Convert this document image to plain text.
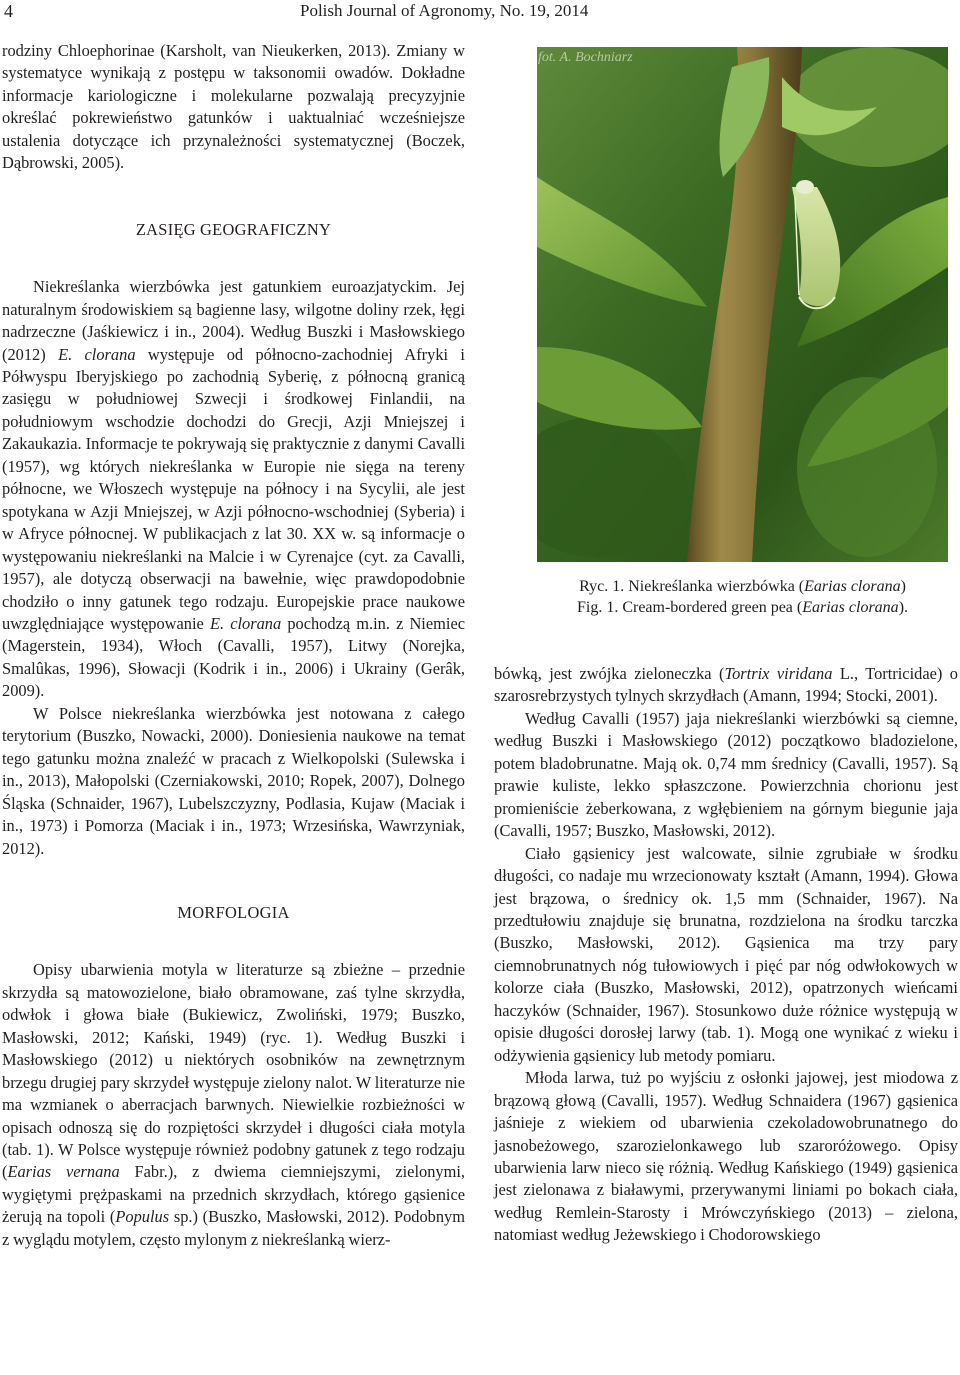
4	Polish Journal of Agronomy, No. 19, 2014

rodziny Chloephorinae (Karsholt, van Nieukerken, 2013). Zmiany w systematyce wynikają z postępu w taksonomii owadów. Dokładne informacje kariologiczne i molekularne pozwalają precyzyjnie określać pokrewieństwo gatunków i uaktualniać wcześniejsze ustalenia dotyczące ich przynależności systematycznej (Boczek, Dąbrowski, 2005).

ZASIĘG GEOGRAFICZNY

Niekreślanka wierzbówka jest gatunkiem euroazjatyckim. Jej naturalnym środowiskiem są bagienne lasy, wilgotne doliny rzek, łęgi nadrzeczne (Jaśkiewicz i in., 2004). Według Buszki i Masłowskiego (2012) E. clorana występuje od północno-zachodniej Afryki i Półwyspu Iberyjskiego po zachodnią Syberię, z północną granicą zasięgu w południowej Szwecji i środkowej Finlandii, na południowym wschodzie dochodzi do Grecji, Azji Mniejszej i Zakaukazia. Informacje te pokrywają się praktycznie z danymi Cavalli (1957), wg których niekreślanka w Europie nie sięga na tereny północne, we Włoszech występuje na północy i na Sycylii, ale jest spotykana w Azji Mniejszej, w Azji północno-wschodniej (Syberia) i w Afryce północnej. W publikacjach z lat 30. XX w. są informacje o występowaniu niekreślanki na Malcie i w Cyrenajce (cyt. za Cavalli, 1957), ale dotyczą obserwacji na bawełnie, więc prawdopodobnie chodziło o inny gatunek tego rodzaju. Europejskie prace naukowe uwzględniające występowanie E. clorana pochodzą m.in. z Niemiec (Magerstein, 1934), Włoch (Cavalli, 1957), Litwy (Norejka, Smalûkas, 1996), Słowacji (Kodrik i in., 2006) i Ukrainy (Gerâk, 2009).

W Polsce niekreślanka wierzbówka jest notowana z całego terytorium (Buszko, Nowacki, 2000). Doniesienia naukowe na temat tego gatunku można znaleźć w pracach z Wielkopolski (Sulewska i in., 2013), Małopolski (Czerniakowski, 2010; Ropek, 2007), Dolnego Śląska (Schnaider, 1967), Lubelszczyzny, Podlasia, Kujaw (Maciak i in., 1973) i Pomorza (Maciak i in., 1973; Wrzesińska, Wawrzyniak, 2012).

MORFOLOGIA

Opisy ubarwienia motyla w literaturze są zbieżne – przednie skrzydła są matowozielone, biało obramowane, zaś tylne skrzydła, odwłok i głowa białe (Bukiewicz, Zwoliński, 1979; Buszko, Masłowski, 2012; Kański, 1949) (ryc. 1). Według Buszki i Masłowskiego (2012) u niektórych osobników na zewnętrznym brzegu drugiej pary skrzydeł występuje zielony nalot. W literaturze nie ma wzmianek o aberracjach barwnych. Niewielkie rozbieżności w opisach odnoszą się do rozpiętości skrzydeł i długości ciała motyla (tab. 1). W Polsce występuje również podobny gatunek z tego rodzaju (Earias vernana Fabr.), z dwiema ciemniejszymi, zielonymi, wygiętymi prężpaskami na przednich skrzydłach, którego gąsienice żerują na topoli (Populus sp.) (Buszko, Masłowski, 2012). Podobnym z wyglądu motylem, często mylonym z niekreślanką wierz-

fot. A. Bochniarz
Ryc. 1. Niekreślanka wierzbówka (Earias clorana)
Fig. 1. Cream-bordered green pea (Earias clorana).

bówką, jest zwójka zieloneczka (Tortrix viridana L., Tortricidae) o szarosrebrzystych tylnych skrzydłach (Amann, 1994; Stocki, 2001).

Według Cavalli (1957) jaja niekreślanki wierzbówki są ciemne, według Buszki i Masłowskiego (2012) początkowo bladozielone, potem bladobrunatne. Mają ok. 0,74 mm średnicy (Cavalli, 1957). Są prawie kuliste, lekko spłaszczone. Powierzchnia chorionu jest promieniście żeberkowana, z wgłębieniem na górnym biegunie jaja (Cavalli, 1957; Buszko, Masłowski, 2012).

Ciało gąsienicy jest walcowate, silnie zgrubiałe w środku długości, co nadaje mu wrzecionowaty kształt (Amann, 1994). Głowa jest brązowa, o średnicy ok. 1,5 mm (Schnaider, 1967). Na przedtułowiu znajduje się brunatna, rozdzielona na środku tarczka (Buszko, Masłowski, 2012). Gąsienica ma trzy pary ciemnobrunatnych nóg tułowiowych i pięć par nóg odwłokowych w kolorze ciała (Buszko, Masłowski, 2012), opatrzonych wieńcami haczyków (Schnaider, 1967). Stosunkowo duże różnice występują w opisie długości dorosłej larwy (tab. 1). Mogą one wynikać z wieku i odżywienia gąsienicy lub metody pomiaru.

Młoda larwa, tuż po wyjściu z osłonki jajowej, jest miodowa z brązową głową (Cavalli, 1957). Według Schnaidera (1967) gąsienica jaśnieje z wiekiem od ubarwienia czekoladowobrunatnego do jasnobeżowego, szarozielonkawego lub szaroróżowego. Opisy ubarwienia larw nieco się różnią. Według Kańskiego (1949) gąsienica jest zielonawa z białawymi, przerywanymi liniami po bokach ciała, według Remlein-Starosty i Mrówczyńskiego (2013) – zielona, natomiast według Jeżewskiego i Chodorowskiego
